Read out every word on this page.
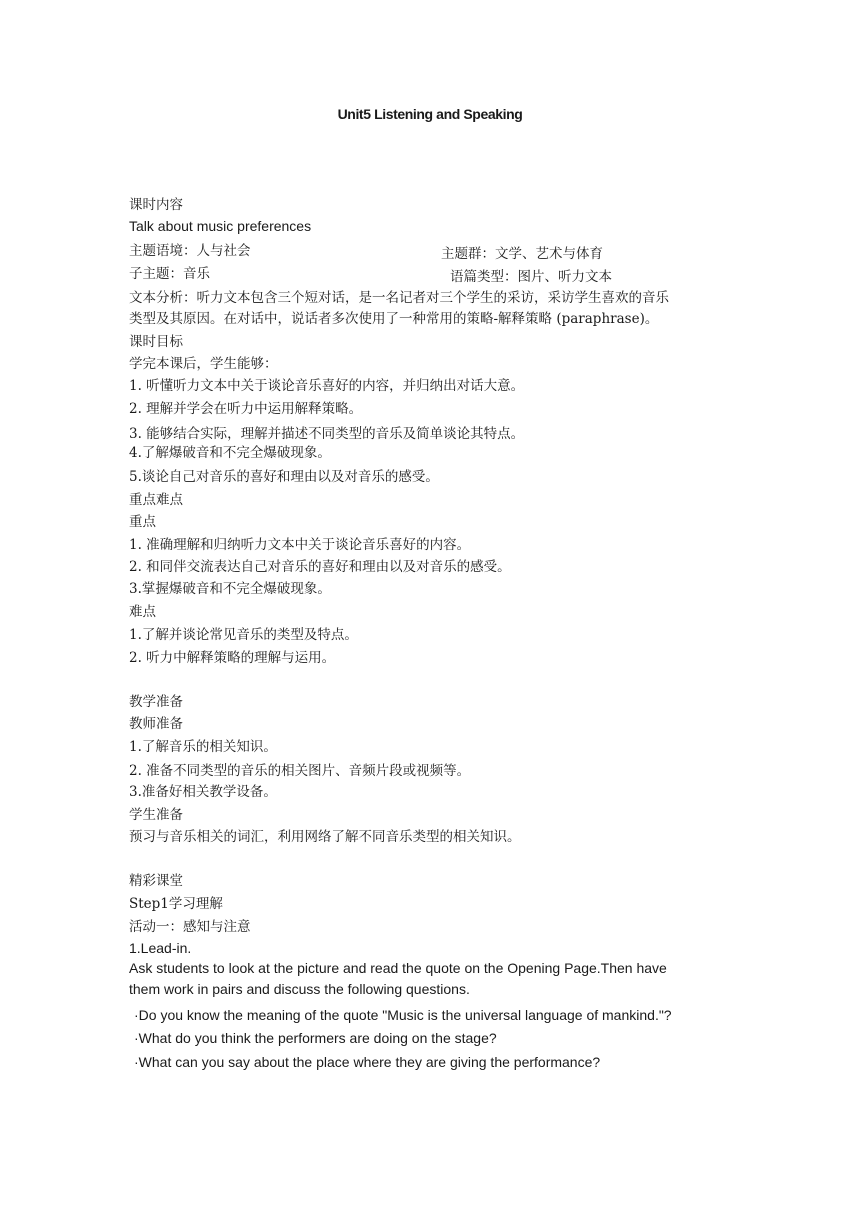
Unit5 Listening and Speaking
课时内容
Talk about music preferences
主题语境：人与社会	主题群：文学、艺术与体育
子主题：音乐	语篇类型：图片、听力文本
文本分析：听力文本包含三个短对话，是一名记者对三个学生的采访，采访学生喜欢的音乐
类型及其原因。在对话中，说话者多次使用了一种常用的策略-解释策略 (paraphrase)。
课时目标
学完本课后，学生能够：
1. 听懂听力文本中关于谈论音乐喜好的内容，并归纳出对话大意。
2. 理解并学会在听力中运用解释策略。
3. 能够结合实际，理解并描述不同类型的音乐及简单谈论其特点。
4.了解爆破音和不完全爆破现象。
5.谈论自己对音乐的喜好和理由以及对音乐的感受。
重点难点
重点
1. 准确理解和归纳听力文本中关于谈论音乐喜好的内容。
2. 和同伴交流表达自己对音乐的喜好和理由以及对音乐的感受。
3.掌握爆破音和不完全爆破现象。
难点
1.了解并谈论常见音乐的类型及特点。
2. 听力中解释策略的理解与运用。
教学准备
教师准备
1.了解音乐的相关知识。
2. 准备不同类型的音乐的相关图片、音频片段或视频等。
3.准备好相关教学设备。
学生准备
预习与音乐相关的词汇，利用网络了解不同音乐类型的相关知识。
精彩课堂
Step1学习理解
活动一：感知与注意
1.Lead-in.
Ask students to look at the picture and read the quote on the Opening Page.Then have
them work in pairs and discuss the following questions.
·Do you know the meaning of the quote "Music is the universal language of mankind."?
·What do you think the performers are doing on the stage?
·What can you say about the place where they are giving the performance?
